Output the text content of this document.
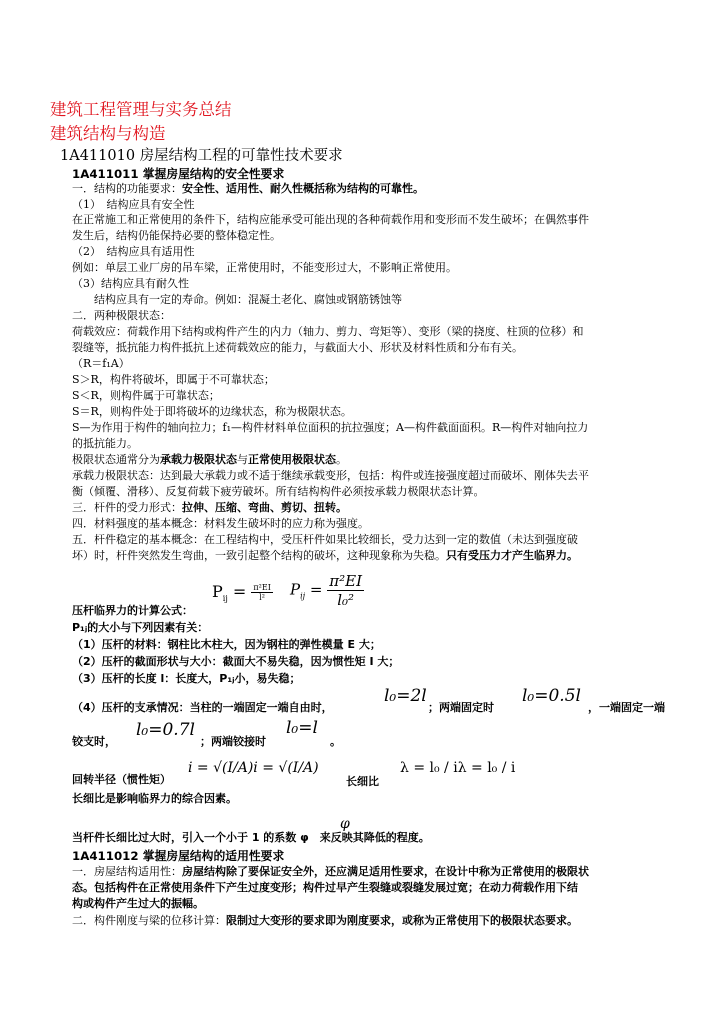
建筑工程管理与实务总结
建筑结构与构造
1A411010 房屋结构工程的可靠性技术要求
1A411011 掌握房屋结构的安全性要求
一．结构的功能要求：安全性、适用性、耐久性概括称为结构的可靠性。
（1）　结构应具有安全性
在正常施工和正常使用的条件下，结构应能承受可能出现的各种荷载作用和变形而不发生破坏；在偶然事件
发生后，结构仍能保持必要的整体稳定性。
（2）　结构应具有适用性
例如：单层工业厂房的吊车梁，正常使用时，不能变形过大，不影响正常使用。
（3）结构应具有耐久性
　　结构应具有一定的寿命。例如：混凝土老化、腐蚀或钢筋锈蚀等
二．两种极限状态：
荷载效应：荷载作用下结构或构件产生的内力（轴力、剪力、弯矩等）、变形（梁的挠度、柱顶的位移）和
裂缝等，抵抗能力构件抵抗上述荷载效应的能力，与截面大小、形状及材料性质和分布有关。
（R＝f₁A）
S＞R，构件将破坏，即属于不可靠状态；
S＜R，则构件属于可靠状态；
S＝R，则构件处于即将破坏的边缘状态，称为极限状态。
S—为作用于构件的轴向拉力；f₁—构件材料单位面积的抗拉强度；A—构件截面面积。R—构件对轴向拉力
的抵抗能力。
极限状态通常分为承载力极限状态与正常使用极限状态。
承载力极限状态：达到最大承载力或不适于继续承载变形，包括：构件或连接强度超过而破坏、刚体失去平
衡（倾覆、滑移）、反复荷载下疲劳破坏。所有结构构件必须按承载力极限状态计算。
三．杆件的受力形式：拉伸、压缩、弯曲、剪切、扭转。
四．材料强度的基本概念：材料发生破坏时的应力称为强度。
五．杆件稳定的基本概念：在工程结构中，受压杆件如果比较细长，受力达到一定的数值（未达到强度破
坏）时，杆件突然发生弯曲，一致引起整个结构的破坏，这种现象称为失稳。只有受压力才产生临界力。
$P_{ij} = \frac{\text{π²EI}}{\text{l²}} P_{ij} = \frac{\text{π²EI}}{\text{l₀²}}$
压杆临界力的计算公式：
P₁ⱼ的大小与下列因素有关：
（1）压杆的材料：钢柱比木柱大，因为钢柱的弹性模量 E 大；
（2）压杆的截面形状与大小：截面大不易失稳，因为惯性矩 I 大；
（3）压杆的长度 l：长度大，P₁ⱼ小，易失稳；
（4）压杆的支承情况：当柱的一端固定一端自由时，
l₀=2l
；两端固定时
l₀=0.5l
，一端固定一端
铰支时，
l₀=0.7l
；两端铰接时
l₀=l
。
回转半径（惯性矩）
i = √(I/A)i = √(I/A)
长细比
λ = l₀ / iλ = l₀ / i
长细比是影响临界力的综合因素。
φ
当杆件长细比过大时，引入一个小于 1 的系数 φ　来反映其降低的程度。
1A411012 掌握房屋结构的适用性要求
一．房屋结构适用性：房屋结构除了要保证安全外，还应满足适用性要求，在设计中称为正常使用的极限状
态。包括构件在正常使用条件下产生过度变形；构件过早产生裂缝或裂缝发展过宽；在动力荷载作用下结
构或构件产生过大的振幅。
二．构件刚度与梁的位移计算：限制过大变形的要求即为刚度要求，或称为正常使用下的极限状态要求。
